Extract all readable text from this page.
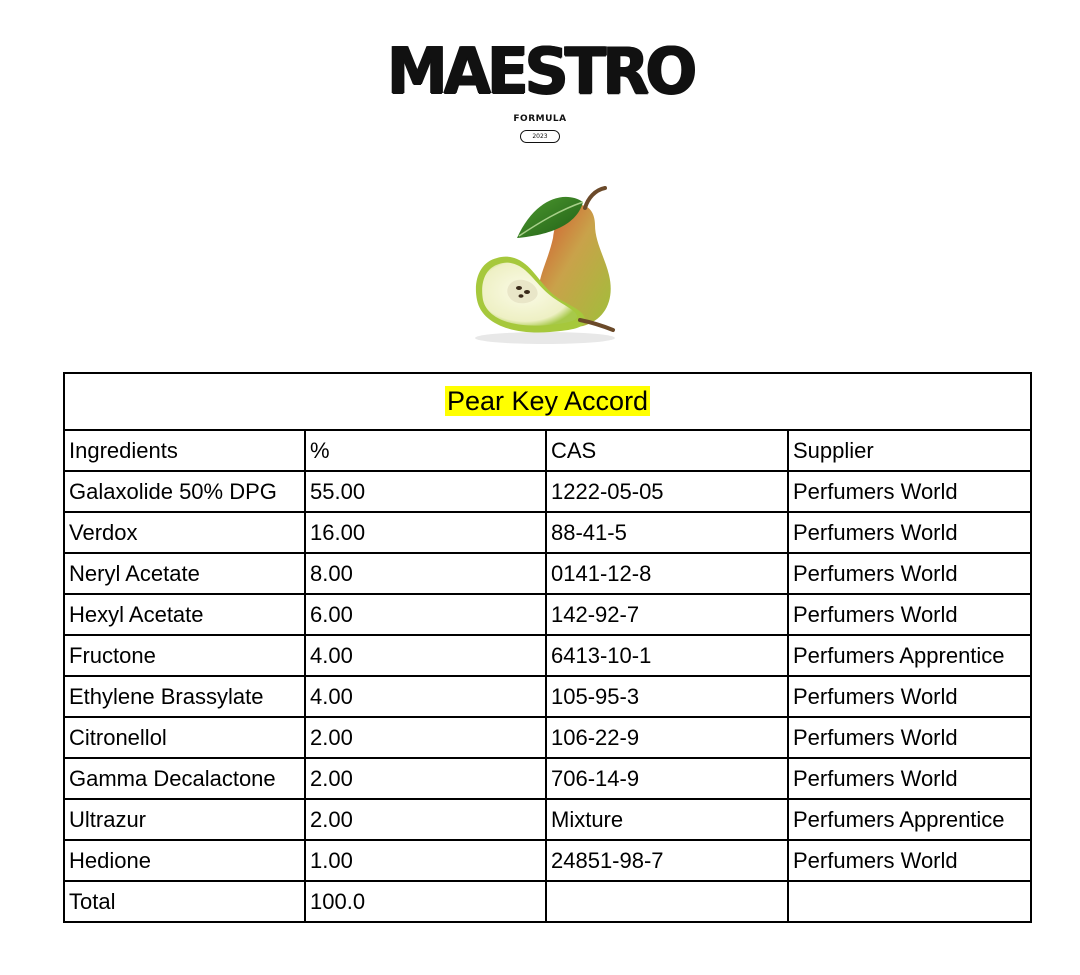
MAESTRO
FORMULA
2023
Pear Key Accord			
Ingredients	%	CAS	Supplier
Galaxolide 50% DPG	55.00	1222-05-05	Perfumers World
Verdox	16.00	88-41-5	Perfumers World
Neryl Acetate	8.00	0141-12-8	Perfumers World
Hexyl Acetate	6.00	142-92-7	Perfumers World
Fructone	4.00	6413-10-1	Perfumers Apprentice
Ethylene Brassylate	4.00	105-95-3	Perfumers World
Citronellol	2.00	106-22-9	Perfumers World
Gamma Decalactone	2.00	706-14-9	Perfumers World
Ultrazur	2.00	Mixture	Perfumers Apprentice
Hedione	1.00	24851-98-7	Perfumers World
Total	100.0		
